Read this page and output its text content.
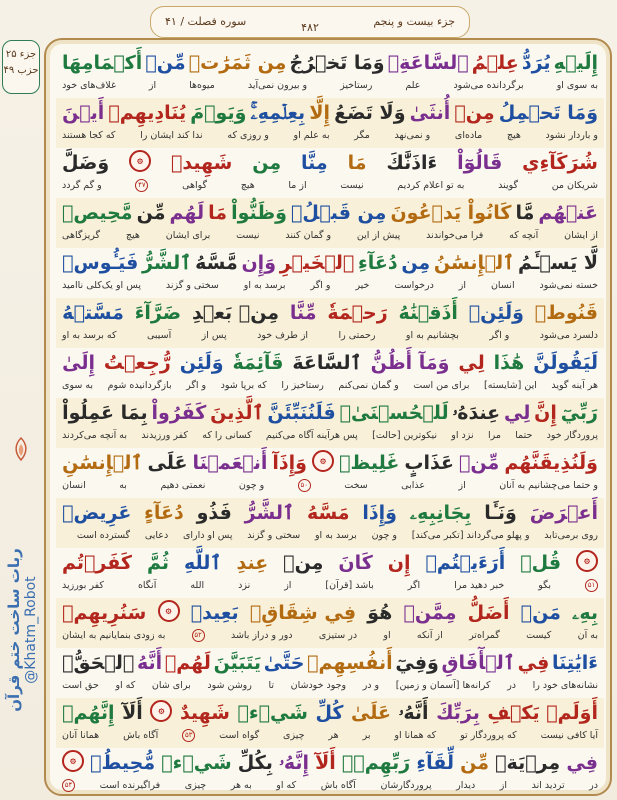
سوره فصلت / ۴۱	۴۸۲	جزء بیست و پنجم
جزء ۲۵
حزب ۴۹
ربات ساخت ختم قرآن @Khatm_Robot
إِلَيۡهِ
يُرَدُّ
عِلۡمُ
ٱلسَّاعَةِۚ
وَمَا تَخۡرُجُ
مِن ثَمَرَٰتٖ
مِّنۡ
أَكۡمَامِهَا
به سوی او
برگردانده می‌شود
علم
رستاخیز
و بیرون نمی‌آید
میوه‌ها
از
غلاف‌های خود
وَمَا تَحۡمِلُ
مِنۡ
أُنثَىٰ
وَلَا تَضَعُ
إِلَّا
بِعِلۡمِهِۦۚ
وَيَوۡمَ
يُنَادِيهِمۡ
أَيۡنَ
و باردار نشود
هیچ
ماده‌ای
و نمی‌نهد
مگر
به علم او
و روزی که
ندا کند ایشان را
که کجا هستند
شُرَكَآءِي
قَالُوٓاْ
ءَاذَنَّٰكَ
مَا
مِنَّا
مِن
شَهِيدٖ
۞
وَضَلَّ
شریکان من
گویند
به تو اعلام کردیم
نیست
از ما
هیچ
گواهی
۴۷
و گم گردد
عَنۡهُم
مَّا
كَانُواْ يَدۡعُونَ
مِن قَبۡلُۖ
وَظَنُّواْ
مَا
لَهُم
مِّن
مَّحِيصٖ
از ایشان
آنچه که
فرا می‌خواندند
پیش از این
و گمان کنند
نیست
برای ایشان
هیچ
گریزگاهی
لَّا يَسۡـَٔمُ
ٱلۡإِنسَٰنُ
مِن
دُعَآءِ
ٱلۡخَيۡرِ
وَإِن
مَّسَّهُ
ٱلشَّرُّ
فَيَـُٔوسٞ
خسته نمی‌شود
انسان
از
درخواست
خیر
و اگر
برسد به او
سختی و گزند
پس او یک‌کلی ناامید
قَنُوطٞ
وَلَئِنۡ
أَذَقۡنَٰهُ
رَحۡمَةٗ
مِّنَّا
مِنۢ بَعۡدِ
ضَرَّآءَ
مَسَّتۡهُ
دلسرد می‌شود
و اگر
بچشانیم به او
رحمتی را
از طرف خود
پس از
آسیبی
که برسد به او
لَيَقُولَنَّ
هَٰذَا
لِي
وَمَآ أَظُنُّ
ٱلسَّاعَةَ
قَآئِمَةٗ
وَلَئِن
رُّجِعۡتُ
إِلَىٰ
هر آینه گوید
این [شایسته]
برای من است
و گمان نمی‌کنم
رستاخیز را
که برپا شود
و اگر
بازگردانیده شوم
به سوی
رَبِّيٓ
إِنَّ
لِي
عِندَهُۥ
لَلۡحُسۡنَىٰۚ
فَلَنُنَبِّئَنَّ
ٱلَّذِينَ
كَفَرُواْ
بِمَا عَمِلُواْ
پروردگار خود
حتما
مرا
نزد او
نیکوترین [حالت]
پس هرآینه آگاه می‌کنیم
کسانی را که
کفر ورزیدند
به آنچه می‌کردند
وَلَنُذِيقَنَّهُم
مِّنۡ
عَذَابٍ
غَلِيظٖ
۞
وَإِذَآ
أَنۡعَمۡنَا
عَلَى
ٱلۡإِنسَٰنِ
و حتما می‌چشانیم به آنان
از
عذابی
سخت
۵۰
و چون
نعمتی دهیم
به
انسان
أَعۡرَضَ
وَنَـَٔا
بِجَانِبِهِۦ
وَإِذَا
مَسَّهُ
ٱلشَّرُّ
فَذُو
دُعَآءٍ
عَرِيضٖ
روی برمی‌تابد
و پهلو می‌گرداند [تکبر می‌کند]
و چون
برسد به او
سختی و گزند
پس او دارای
دعایی
گسترده است
۞
قُلۡ
أَرَءَيۡتُمۡ
إِن
كَانَ
مِنۡ
عِندِ
ٱللَّهِ
ثُمَّ
كَفَرۡتُم
۵۱
بگو
خبر دهید مرا
اگر
باشد [قرآن]
از
نزد
الله
آنگاه
کفر بورزید
بِهِۦ
مَنۡ
أَضَلُّ
مِمَّنۡ
هُوَ
فِي شِقَاقِۭ
بَعِيدٖ
۞
سَنُرِيهِمۡ
به آن
کیست
گمراه‌تر
از آنکه
او
در ستیزی
دور و دراز باشد
۵۲
به زودی بنمایانیم به ایشان
ءَايَٰتِنَا
فِي
ٱلۡأٓفَاقِ
وَفِيٓ
أَنفُسِهِمۡ
حَتَّىٰ
يَتَبَيَّنَ
لَهُمۡ
أَنَّهُ
ٱلۡحَقُّۗ
نشانه‌های خود را
در
کرانه‌ها [آسمان و زمین]
و در
وجود خودشان
تا
روشن شود
برای شان
که او
حق است
أَوَلَمۡ يَكۡفِ
بِرَبِّكَ
أَنَّهُۥ
عَلَىٰ
كُلِّ
شَيۡءٖ
شَهِيدٌ
۞
أَلَآ
إِنَّهُمۡ
آیا کافی نیست
که پروردگار تو
که همانا او
بر
هر
چیزی
گواه است
۵۳
آگاه باش
همانا آنان
فِي
مِرۡيَةٖ
مِّن
لِّقَآءِ
رَبِّهِمۡۗ
أَلَآ
إِنَّهُۥ
بِكُلِّ
شَيۡءٖ
مُّحِيطُۢ
۞
در
تردید اند
از
دیدار
پروردگارشان
آگاه باش
که او
به هر
چیزی
فراگیرنده است
۵۴
